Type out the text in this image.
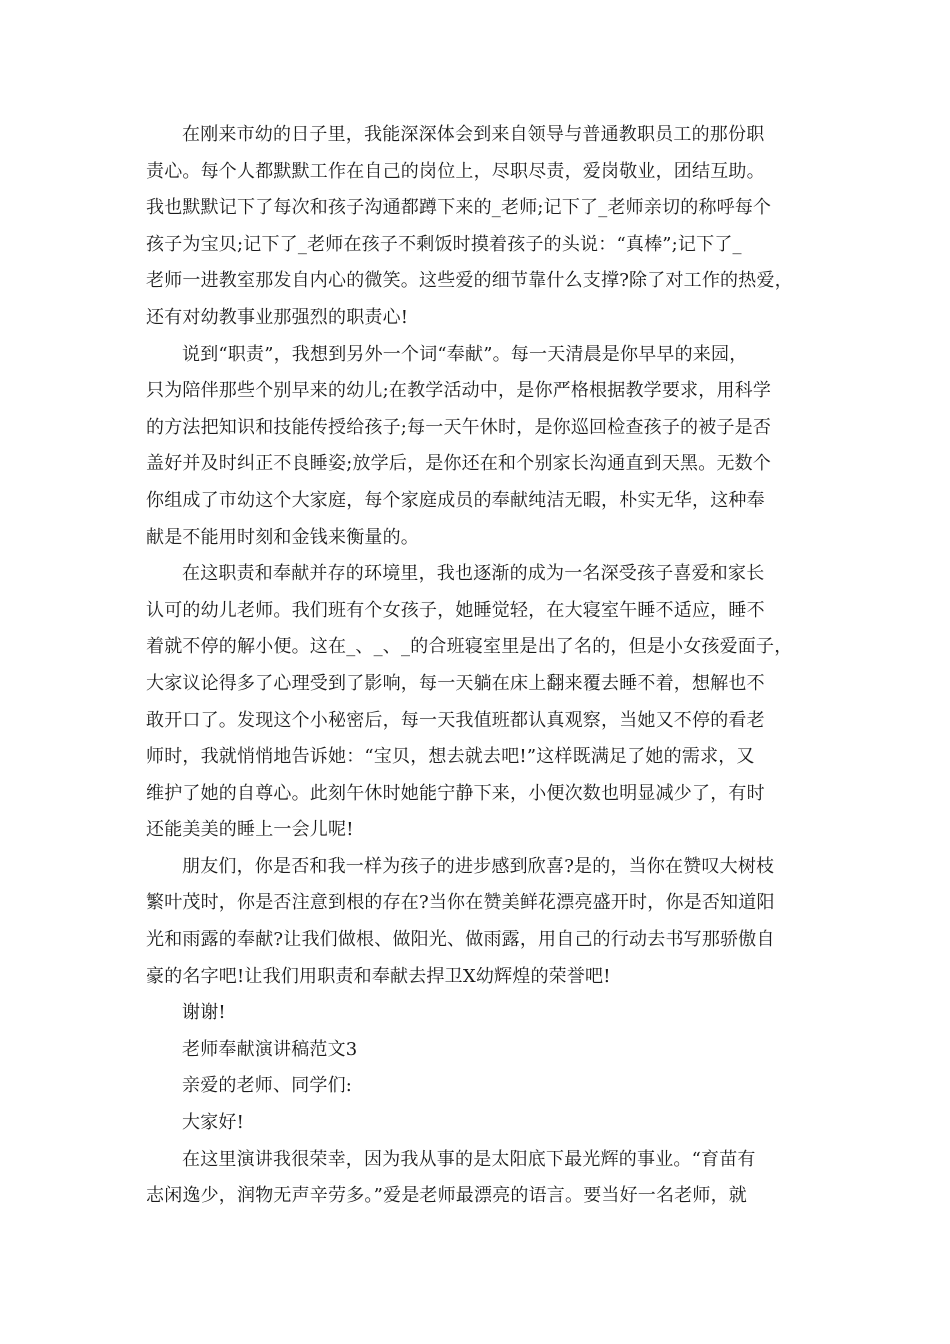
在刚来市幼的日子里，我能深深体会到来自领导与普通教职员工的那份职
责心。每个人都默默工作在自己的岗位上，尽职尽责，爱岗敬业，团结互助。
我也默默记下了每次和孩子沟通都蹲下来的_老师;记下了_老师亲切的称呼每个
孩子为宝贝;记下了_老师在孩子不剩饭时摸着孩子的头说：“真棒”;记下了_
老师一进教室那发自内心的微笑。这些爱的细节靠什么支撑?除了对工作的热爱，
还有对幼教事业那强烈的职责心!
说到“职责”，我想到另外一个词“奉献”。每一天清晨是你早早的来园，
只为陪伴那些个别早来的幼儿;在教学活动中，是你严格根据教学要求，用科学
的方法把知识和技能传授给孩子;每一天午休时，是你巡回检查孩子的被子是否
盖好并及时纠正不良睡姿;放学后，是你还在和个别家长沟通直到天黑。无数个
你组成了市幼这个大家庭，每个家庭成员的奉献纯洁无暇，朴实无华，这种奉
献是不能用时刻和金钱来衡量的。
在这职责和奉献并存的环境里，我也逐渐的成为一名深受孩子喜爱和家长
认可的幼儿老师。我们班有个女孩子，她睡觉轻，在大寝室午睡不适应，睡不
着就不停的解小便。这在_、_、_的合班寝室里是出了名的，但是小女孩爱面子，
大家议论得多了心理受到了影响，每一天躺在床上翻来覆去睡不着，想解也不
敢开口了。发现这个小秘密后，每一天我值班都认真观察，当她又不停的看老
师时，我就悄悄地告诉她：“宝贝，想去就去吧!”这样既满足了她的需求，又
维护了她的自尊心。此刻午休时她能宁静下来，小便次数也明显减少了，有时
还能美美的睡上一会儿呢!
朋友们，你是否和我一样为孩子的进步感到欣喜?是的，当你在赞叹大树枝
繁叶茂时，你是否注意到根的存在?当你在赞美鲜花漂亮盛开时，你是否知道阳
光和雨露的奉献?让我们做根、做阳光、做雨露，用自己的行动去书写那骄傲自
豪的名字吧!让我们用职责和奉献去捍卫X幼辉煌的荣誉吧!
谢谢!
老师奉献演讲稿范文3
亲爱的老师、同学们:
大家好!
在这里演讲我很荣幸，因为我从事的是太阳底下最光辉的事业。“育苗有
志闲逸少，润物无声辛劳多。”爱是老师最漂亮的语言。要当好一名老师，就
